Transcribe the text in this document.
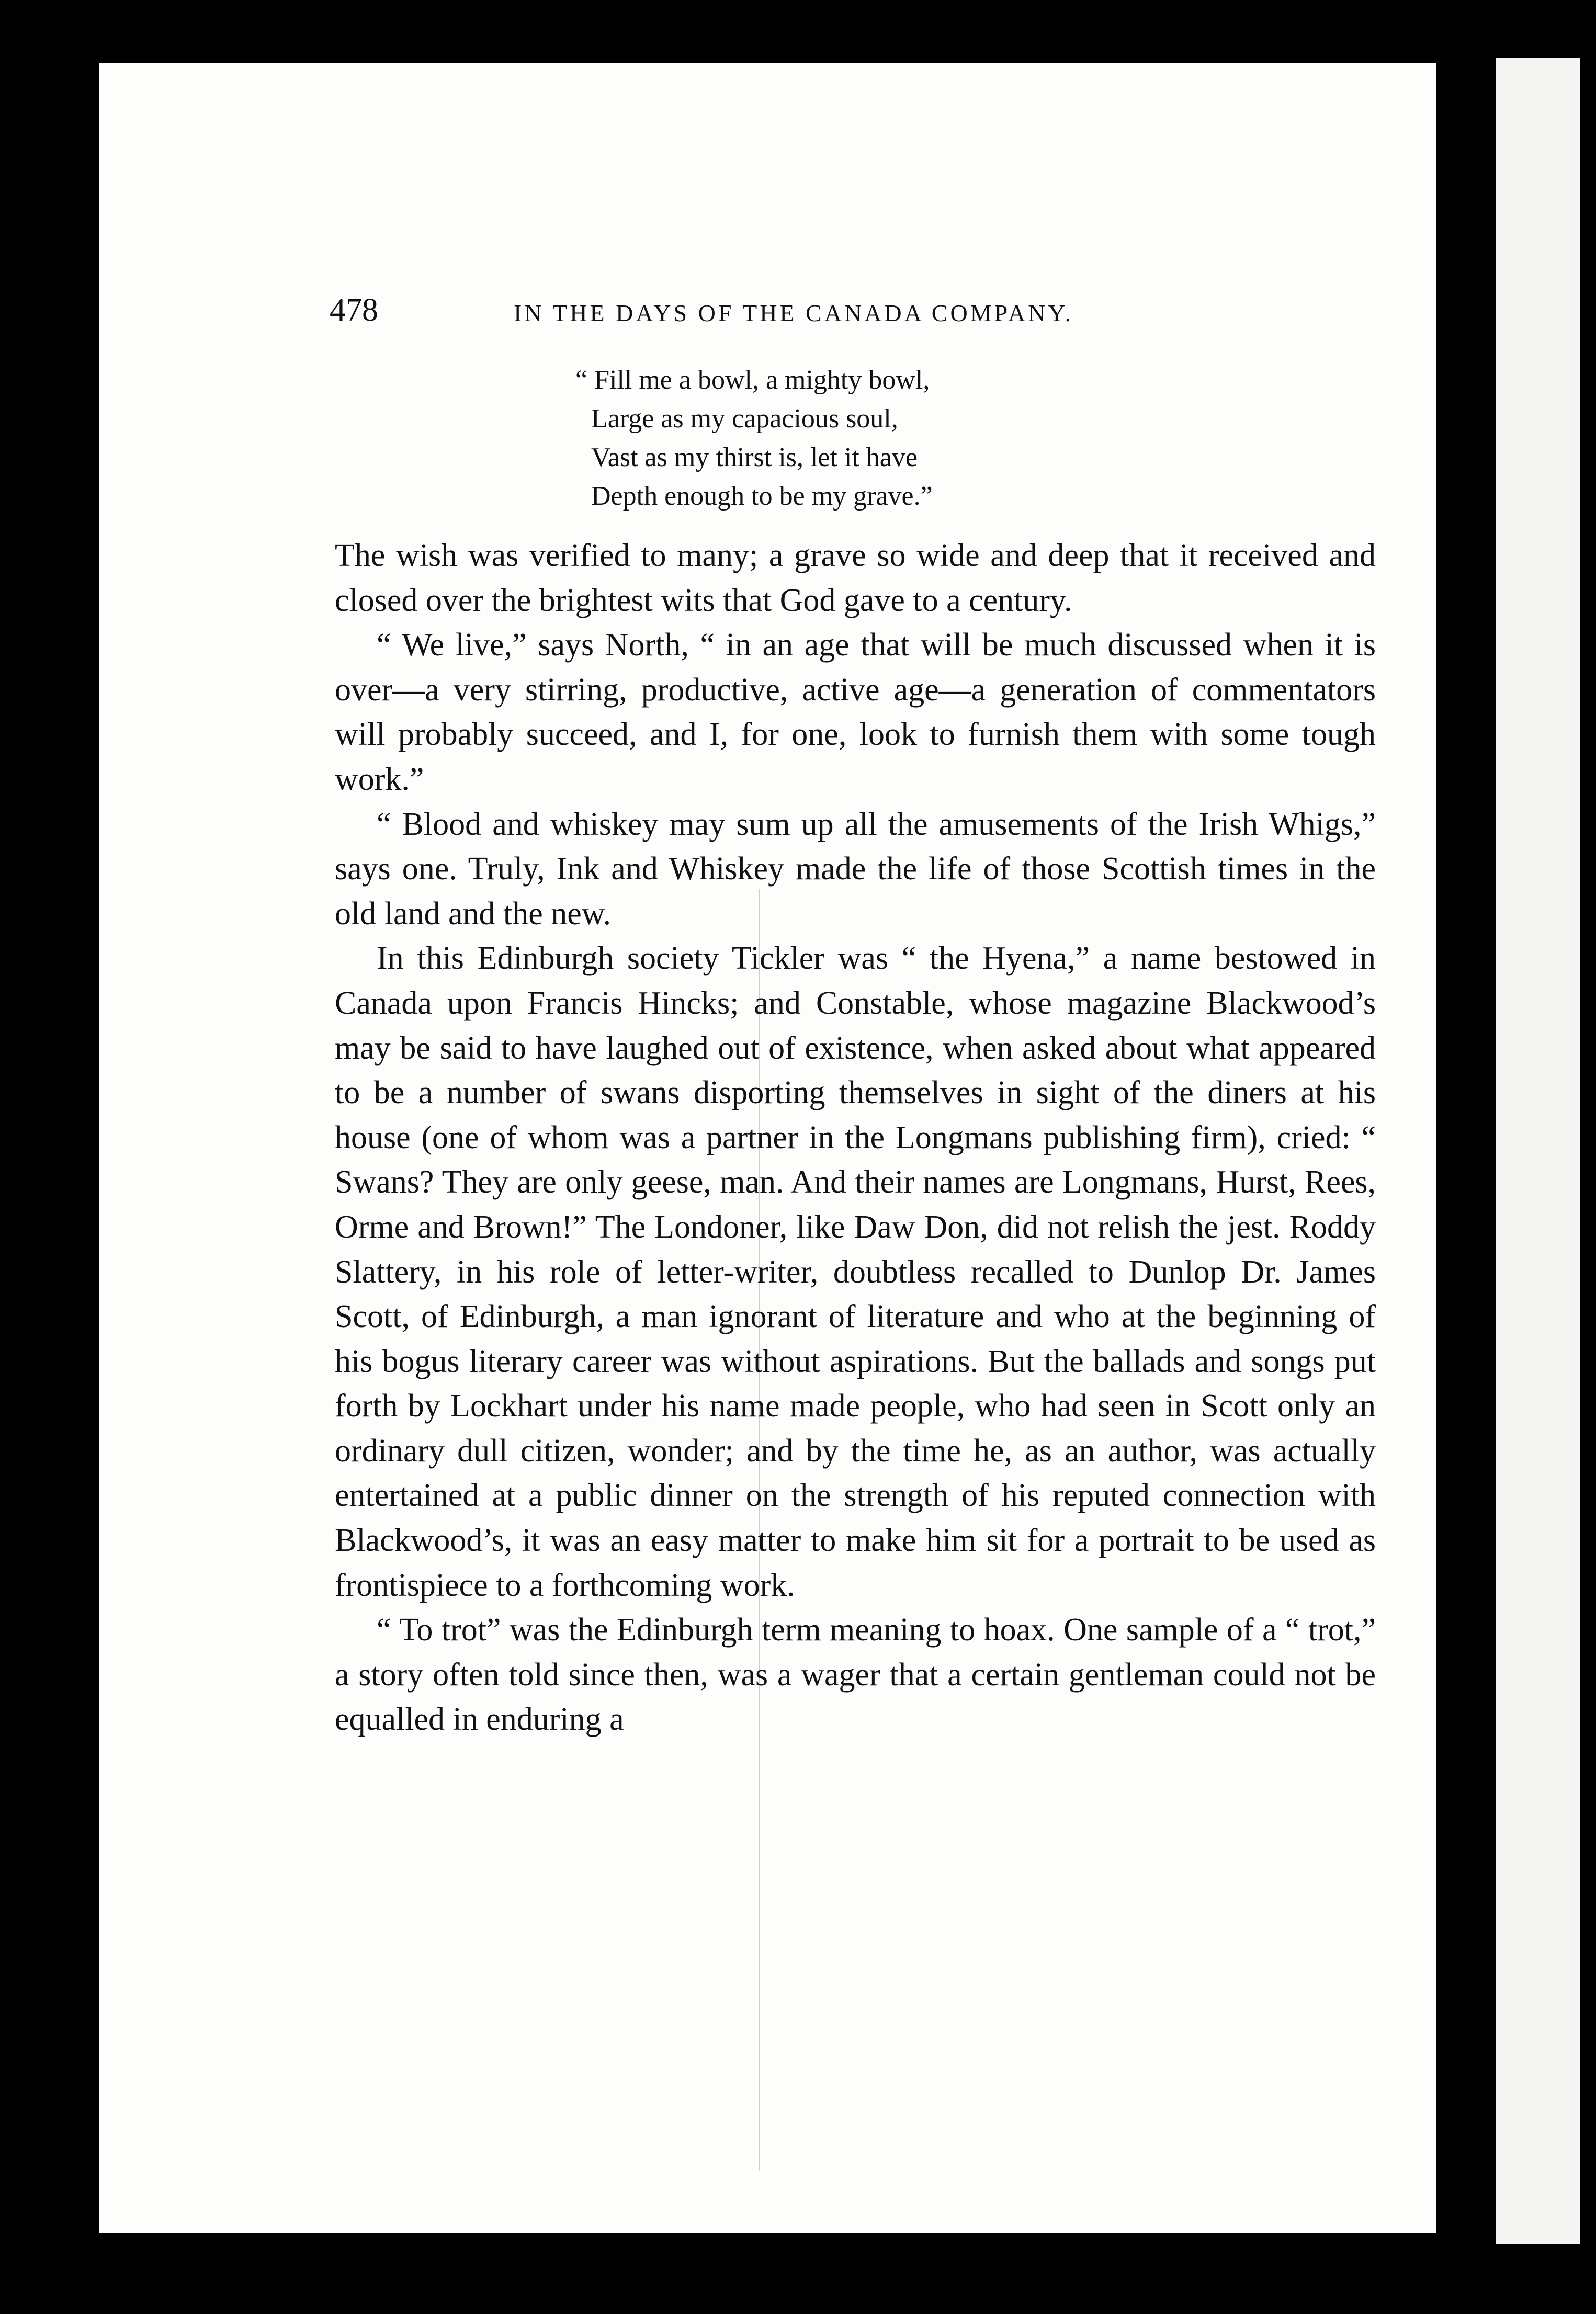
478	IN THE DAYS OF THE CANADA COMPANY.
“ Fill me a bowl, a mighty bowl,
Large as my capacious soul,
Vast as my thirst is, let it have
Depth enough to be my grave.”

The wish was verified to many; a grave so wide and deep that it received and closed over the brightest wits that God gave to a century.

“ We live,” says North, “ in an age that will be much discussed when it is over—a very stirring, productive, active age—a generation of commentators will probably succeed, and I, for one, look to furnish them with some tough work.”

“ Blood and whiskey may sum up all the amusements of the Irish Whigs,” says one. Truly, Ink and Whiskey made the life of those Scottish times in the old land and the new.

In this Edinburgh society Tickler was “ the Hyena,” a name bestowed in Canada upon Francis Hincks; and Constable, whose magazine Blackwood’s may be said to have laughed out of existence, when asked about what appeared to be a number of swans disporting themselves in sight of the diners at his house (one of whom was a partner in the Longmans publishing firm), cried: “ Swans? They are only geese, man. And their names are Longmans, Hurst, Rees, Orme and Brown!” The Londoner, like Daw Don, did not relish the jest. Roddy Slattery, in his role of letter-writer, doubtless recalled to Dunlop Dr. James Scott, of Edinburgh, a man ignorant of literature and who at the beginning of his bogus literary career was without aspirations. But the ballads and songs put forth by Lockhart under his name made people, who had seen in Scott only an ordinary dull citizen, wonder; and by the time he, as an author, was actually entertained at a public dinner on the strength of his reputed connection with Blackwood’s, it was an easy matter to make him sit for a portrait to be used as frontispiece to a forthcoming work.

“ To trot” was the Edinburgh term meaning to hoax. One sample of a “ trot,” a story often told since then, was a wager that a certain gentleman could not be equalled in enduring a
